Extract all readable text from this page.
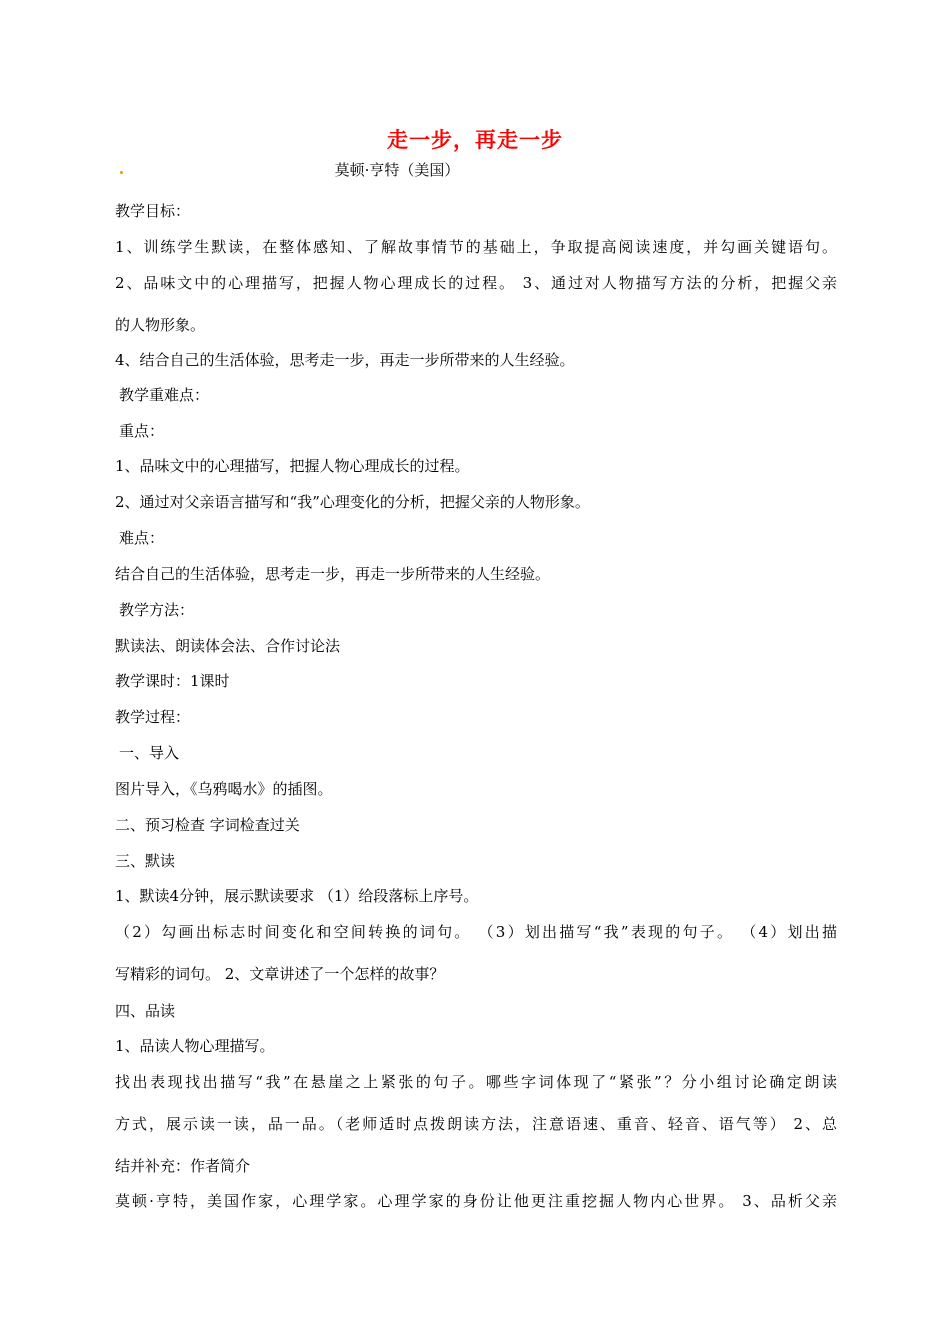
走一步，再走一步
莫顿·亨特（美国）
教学目标：
1、训练学生默读，在整体感知、了解故事情节的基础上，争取提高阅读速度，并勾画关键语句。
2、品味文中的心理描写，把握人物心理成长的过程。 3、通过对人物描写方法的分析，把握父亲
的人物形象。
4、结合自己的生活体验，思考走一步，再走一步所带来的人生经验。
教学重难点：
重点：
1、品味文中的心理描写，把握人物心理成长的过程。
2、通过对父亲语言描写和“我”心理变化的分析，把握父亲的人物形象。
难点：
结合自己的生活体验，思考走一步，再走一步所带来的人生经验。
教学方法：
默读法、朗读体会法、合作讨论法
教学课时：1课时
教学过程：
一、导入
图片导入，《乌鸦喝水》的插图。
二、预习检查 字词检查过关
三、默读
1、默读4分钟，展示默读要求 （1）给段落标上序号。
（2）勾画出标志时间变化和空间转换的词句。 （3）划出描写“我”表现的句子。 （4）划出描
写精彩的词句。 2、文章讲述了一个怎样的故事？
四、品读
1、品读人物心理描写。
找出表现找出描写“我”在悬崖之上紧张的句子。哪些字词体现了“紧张”？分小组讨论确定朗读
方式，展示读一读，品一品。（老师适时点拨朗读方法，注意语速、重音、轻音、语气等） 2、总
结并补充：作者简介
莫顿·亨特，美国作家，心理学家。心理学家的身份让他更注重挖掘人物内心世界。 3、品析父亲
